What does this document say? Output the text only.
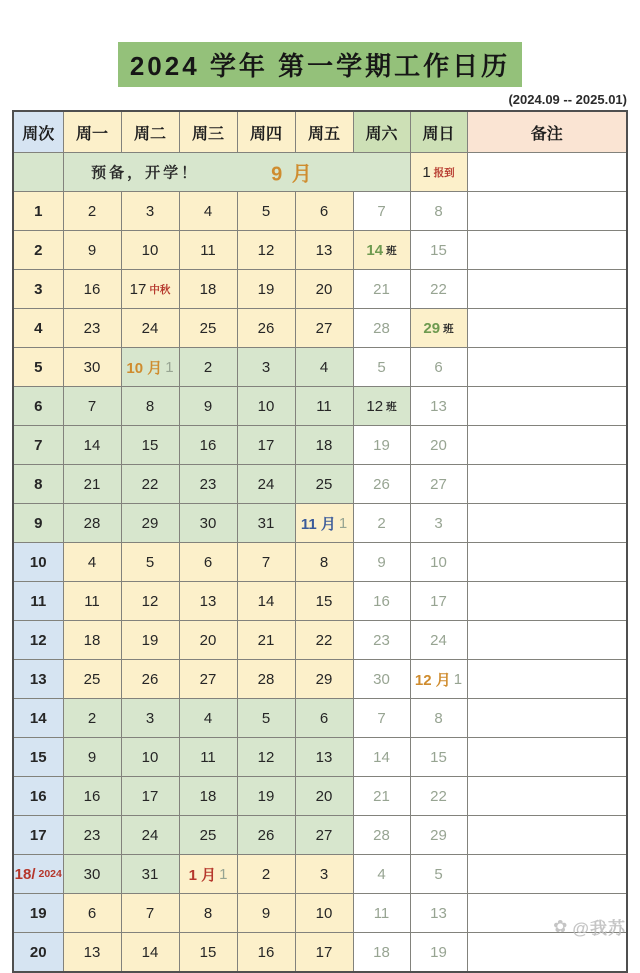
2024 学年 第一学期工作日历
(2024.09 -- 2025.01)
周次	周一	周二	周三	周四	周五	周六	周日	备注

	预备，开学！ 9 月						1 报到	

1	2	3	4	5	6	7	8	

2	9	10	11	12	13	14 班	15	

3	16	17 中秋	18	19	20	21	22	

4	23	24	25	26	27	28	29 班	

5	30	10 月 1	2	3	4	5	6	

6	7	8	9	10	11	12 班	13	

7	14	15	16	17	18	19	20	

8	21	22	23	24	25	26	27	

9	28	29	30	31	11 月 1	2	3	

10	4	5	6	7	8	9	10	

11	11	12	13	14	15	16	17	

12	18	19	20	21	22	23	24	

13	25	26	27	28	29	30	12 月 1	

14	2	3	4	5	6	7	8	

15	9	10	11	12	13	14	15	

16	16	17	18	19	20	21	22	

17	23	24	25	26	27	28	29	

18/ 2024	30	31	1 月 1	2	3	4	5	

19	6	7	8	9	10	11	13	

20	13	14	15	16	17	18	19	

✿ @我苏
